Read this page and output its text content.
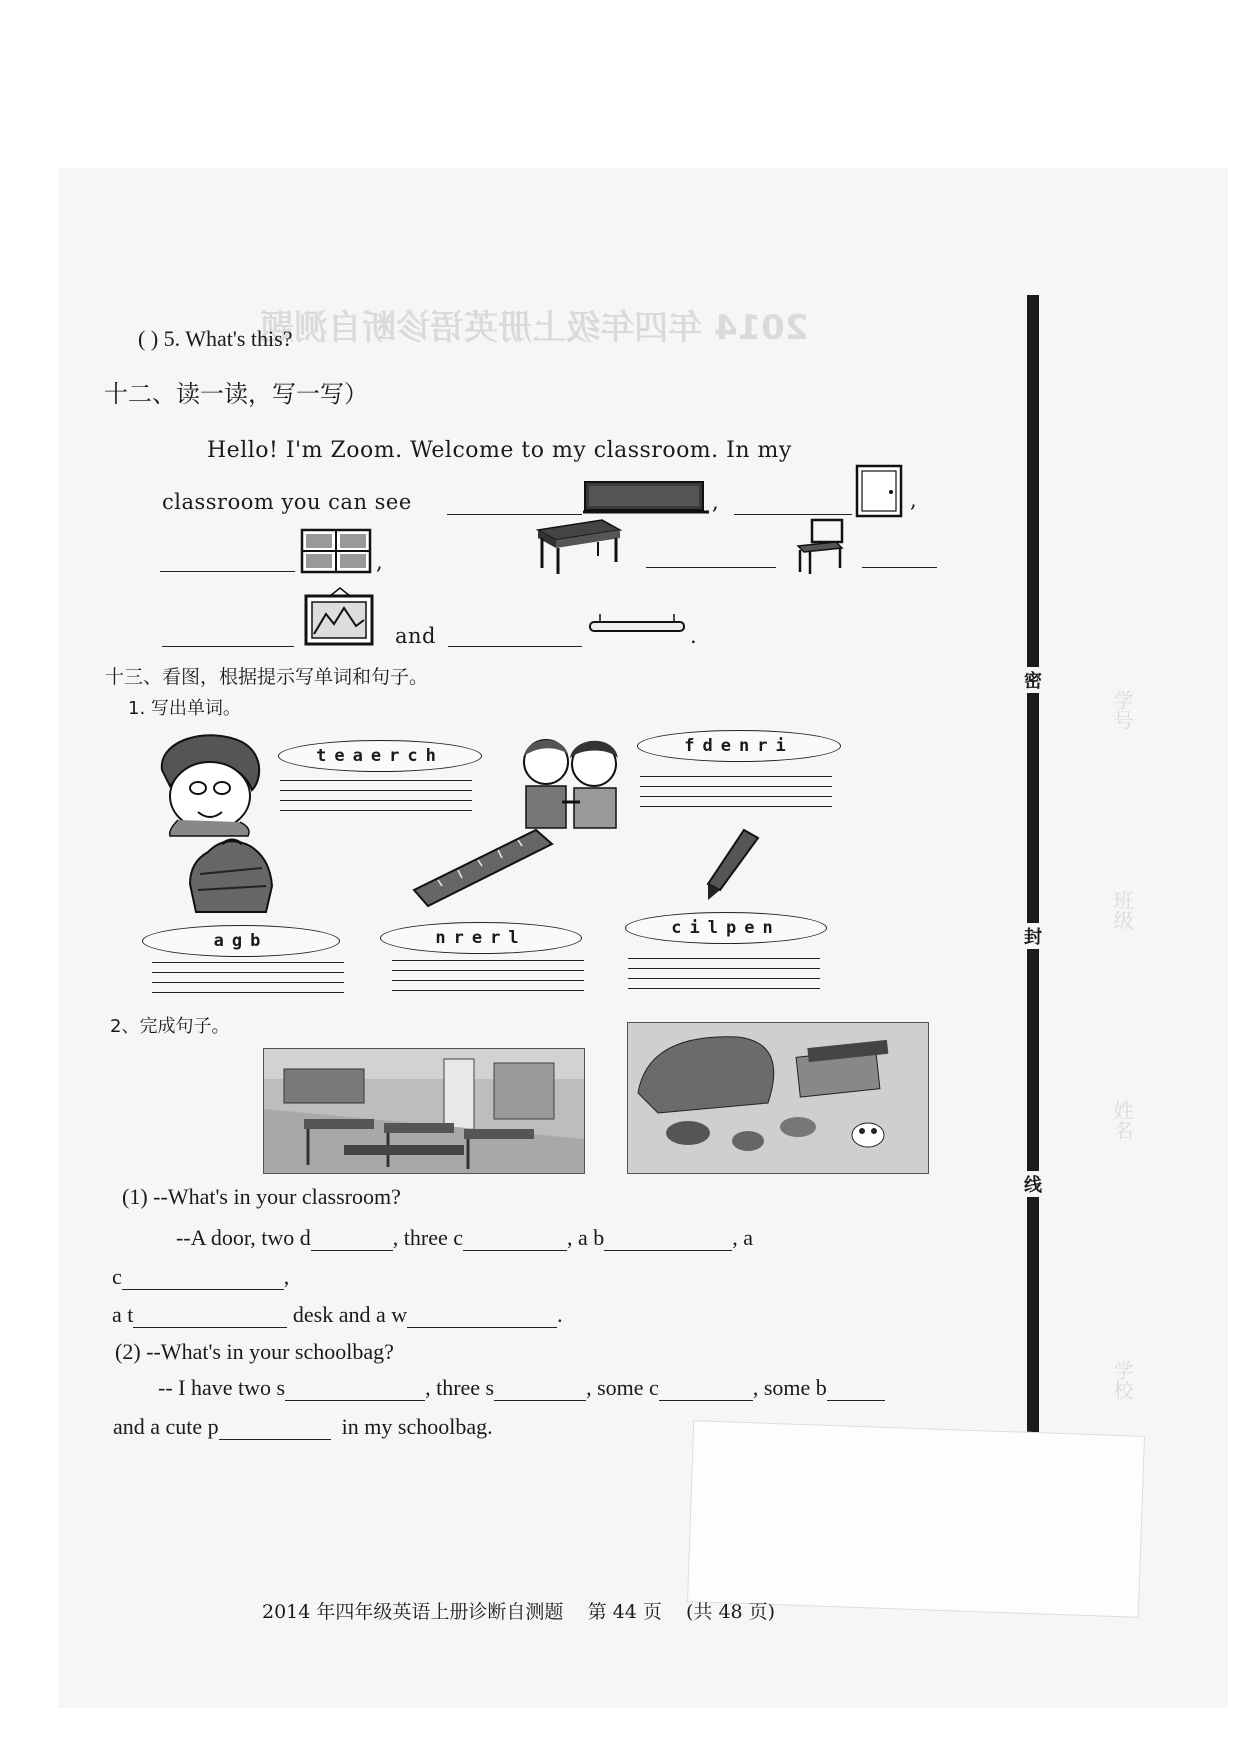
2014 年四年级上册英语诊断自测题
学号
班级
姓名
学校
密
封
线
( ) 5. What's this?
十二、读一读，写一写）
Hello! I'm Zoom. Welcome to my classroom. In my
classroom you can see	,	,
,
and	.
十三、看图，根据提示写单词和句子。
1. 写出单词。
teaerch	fdenri
agb	nrerl	cilpen
2、完成句子。
(1) --What's in your classroom?
--A door, two d	, three c	, a b	, a
c	,
a t	desk and a w	.
(2) --What's in your schoolbag?
-- I have two s	, three s	, some c	, some b
and a cute p	in my schoolbag.
2014 年四年级英语上册诊断自测题 第 44 页 (共 48 页)
